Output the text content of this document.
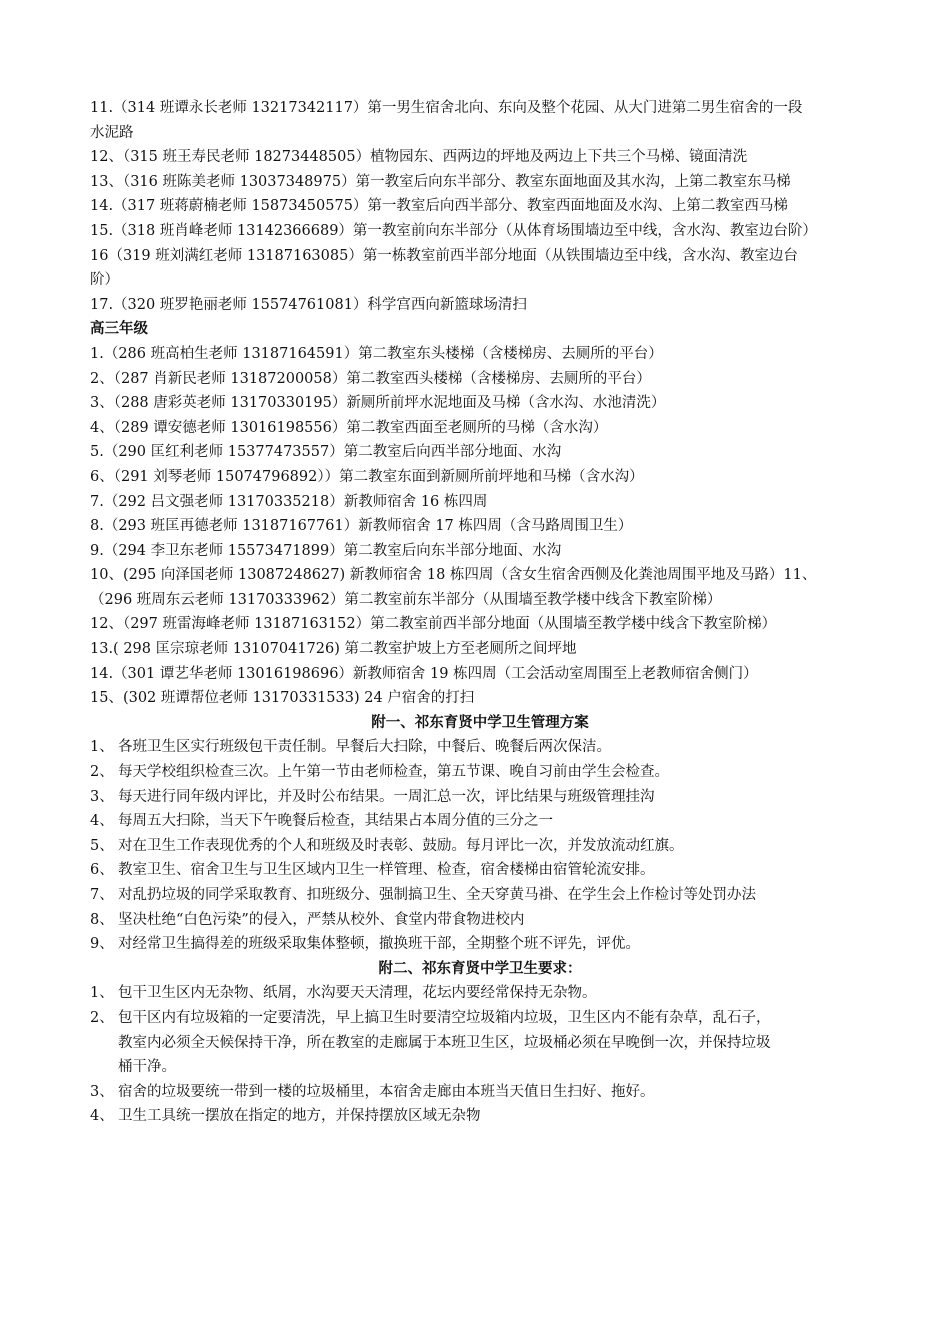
11.（314 班谭永长老师 13217342117）第一男生宿舍北向、东向及整个花园、从大门进第二男生宿舍的一段
水泥路
12、（315 班王寿民老师 18273448505）植物园东、西两边的坪地及两边上下共三个马梯、镜面清洗
13、（316 班陈美老师 13037348975）第一教室后向东半部分、教室东面地面及其水沟，上第二教室东马梯
14.（317 班蒋蔚楠老师 15873450575）第一教室后向西半部分、教室西面地面及水沟、上第二教室西马梯
15.（318 班肖峰老师 13142366689）第一教室前向东半部分（从体育场围墙边至中线，含水沟、教室边台阶）
16（319 班刘满红老师 13187163085）第一栋教室前西半部分地面（从铁围墙边至中线，含水沟、教室边台
阶）
17.（320 班罗艳丽老师 15574761081）科学宫西向新篮球场清扫
高三年级
1.（286 班高柏生老师 13187164591）第二教室东头楼梯（含楼梯房、去厕所的平台）
2、（287 肖新民老师 13187200058）第二教室西头楼梯（含楼梯房、去厕所的平台）
3、（288 唐彩英老师 13170330195）新厕所前坪水泥地面及马梯（含水沟、水池清洗）
4、（289 谭安德老师 13016198556）第二教室西面至老厕所的马梯（含水沟）
5.（290 匡红利老师 15377473557）第二教室后向西半部分地面、水沟
6、（291 刘琴老师 15074796892））第二教室东面到新厕所前坪地和马梯（含水沟）
7.（292 吕文强老师 13170335218）新教师宿舍 16 栋四周
8.（293 班匡再德老师 13187167761）新教师宿舍 17 栋四周（含马路周围卫生）
9.（294 李卫东老师 15573471899）第二教室后向东半部分地面、水沟
10、(295 向泽国老师 13087248627) 新教师宿舍 18 栋四周（含女生宿舍西侧及化粪池周围平地及马路）11、
（296 班周东云老师 13170333962）第二教室前东半部分（从围墙至教学楼中线含下教室阶梯）
12、（297 班雷海峰老师 13187163152）第二教室前西半部分地面（从围墙至教学楼中线含下教室阶梯）
13.( 298 匡宗琼老师 13107041726) 第二教室护坡上方至老厕所之间坪地
14.（301 谭艺华老师 13016198696）新教师宿舍 19 栋四周（工会活动室周围至上老教师宿舍侧门）
15、(302 班谭帮位老师 13170331533) 24 户宿舍的打扫
附一、祁东育贤中学卫生管理方案
1、 各班卫生区实行班级包干责任制。早餐后大扫除，中餐后、晚餐后两次保洁。
2、 每天学校组织检查三次。上午第一节由老师检查，第五节课、晚自习前由学生会检查。
3、 每天进行同年级内评比，并及时公布结果。一周汇总一次，评比结果与班级管理挂沟
4、 每周五大扫除，当天下午晚餐后检查，其结果占本周分值的三分之一
5、 对在卫生工作表现优秀的个人和班级及时表彰、鼓励。每月评比一次，并发放流动红旗。
6、 教室卫生、宿舍卫生与卫生区域内卫生一样管理、检查，宿舍楼梯由宿管轮流安排。
7、 对乱扔垃圾的同学采取教育、扣班级分、强制搞卫生、全天穿黄马褂、在学生会上作检讨等处罚办法
8、 坚决杜绝“白色污染”的侵入，严禁从校外、食堂内带食物进校内
9、 对经常卫生搞得差的班级采取集体整顿，撤换班干部，全期整个班不评先，评优。
附二、祁东育贤中学卫生要求：
1、 包干卫生区内无杂物、纸屑，水沟要天天清理，花坛内要经常保持无杂物。
2、 包干区内有垃圾箱的一定要清洗，早上搞卫生时要清空垃圾箱内垃圾，卫生区内不能有杂草，乱石子，
教室内必须全天候保持干净，所在教室的走廊属于本班卫生区，垃圾桶必须在早晚倒一次，并保持垃圾
桶干净。
3、 宿舍的垃圾要统一带到一楼的垃圾桶里，本宿舍走廊由本班当天值日生扫好、拖好。
4、 卫生工具统一摆放在指定的地方，并保持摆放区域无杂物
